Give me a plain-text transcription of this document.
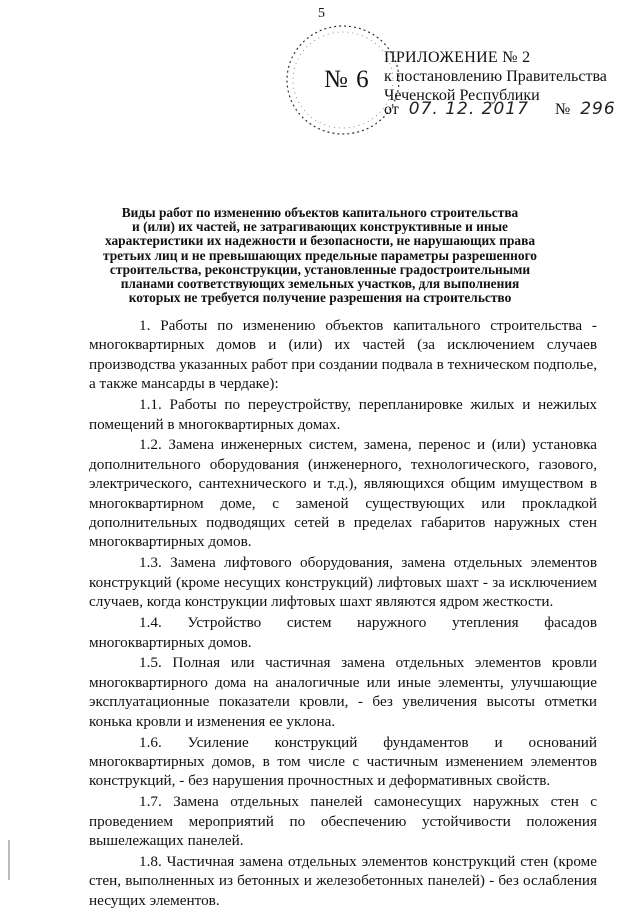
5
№ 6
ПРИЛОЖЕНИЕ № 2
к постановлению Правительства
Чеченской Республики
от 07. 12. 2017 № 296
Виды работ по изменению объектов капитального строительства
и (или) их частей, не затрагивающих конструктивные и иные
характеристики их надежности и безопасности, не нарушающих права
третьих лиц и не превышающих предельные параметры разрешенного
строительства, реконструкции, установленные градостроительными
планами соответствующих земельных участков, для выполнения
которых не требуется получение разрешения на строительство

1. Работы по изменению объектов капитального строительства - многоквартирных домов и (или) их частей (за исключением случаев производства указанных работ при создании подвала в техническом подполье, а также мансарды в чердаке):

1.1. Работы по переустройству, перепланировке жилых и нежилых помещений в многоквартирных домах.

1.2. Замена инженерных систем, замена, перенос и (или) установка дополнительного оборудования (инженерного, технологического, газового, электрического, сантехнического и т.д.), являющихся общим имуществом в многоквартирном доме, с заменой существующих или прокладкой дополнительных подводящих сетей в пределах габаритов наружных стен многоквартирных домов.

1.3. Замена лифтового оборудования, замена отдельных элементов конструкций (кроме несущих конструкций) лифтовых шахт - за исключением случаев, когда конструкции лифтовых шахт являются ядром жесткости.

1.4. Устройство систем наружного утепления фасадов многоквартирных домов.

1.5. Полная или частичная замена отдельных элементов кровли многоквартирного дома на аналогичные или иные элементы, улучшающие эксплуатационные показатели кровли, - без увеличения высоты отметки конька кровли и изменения ее уклона.

1.6. Усиление конструкций фундаментов и оснований многоквартирных домов, в том числе с частичным изменением элементов конструкций, - без нарушения прочностных и деформативных свойств.

1.7. Замена отдельных панелей самонесущих наружных стен с проведением мероприятий по обеспечению устойчивости положения вышележащих панелей.

1.8. Частичная замена отдельных элементов конструкций стен (кроме стен, выполненных из бетонных и железобетонных панелей) - без ослабления несущих элементов.
